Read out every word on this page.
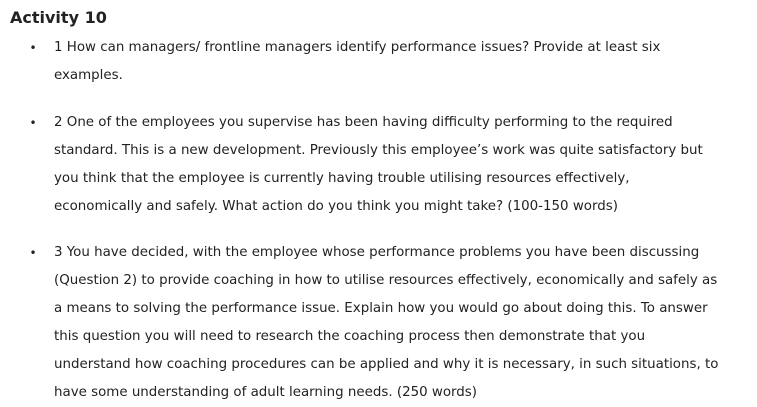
Activity 10
•	1 How can managers/ frontline managers identify performance issues? Provide at least six
examples.
•	2 One of the employees you supervise has been having difficulty performing to the required
standard. This is a new development. Previously this employee’s work was quite satisfactory but
you think that the employee is currently having trouble utilising resources effectively,
economically and safely. What action do you think you might take? (100-150 words)
•	3 You have decided, with the employee whose performance problems you have been discussing
(Question 2) to provide coaching in how to utilise resources effectively, economically and safely as
a means to solving the performance issue. Explain how you would go about doing this. To answer
this question you will need to research the coaching process then demonstrate that you
understand how coaching procedures can be applied and why it is necessary, in such situations, to
have some understanding of adult learning needs. (250 words)
